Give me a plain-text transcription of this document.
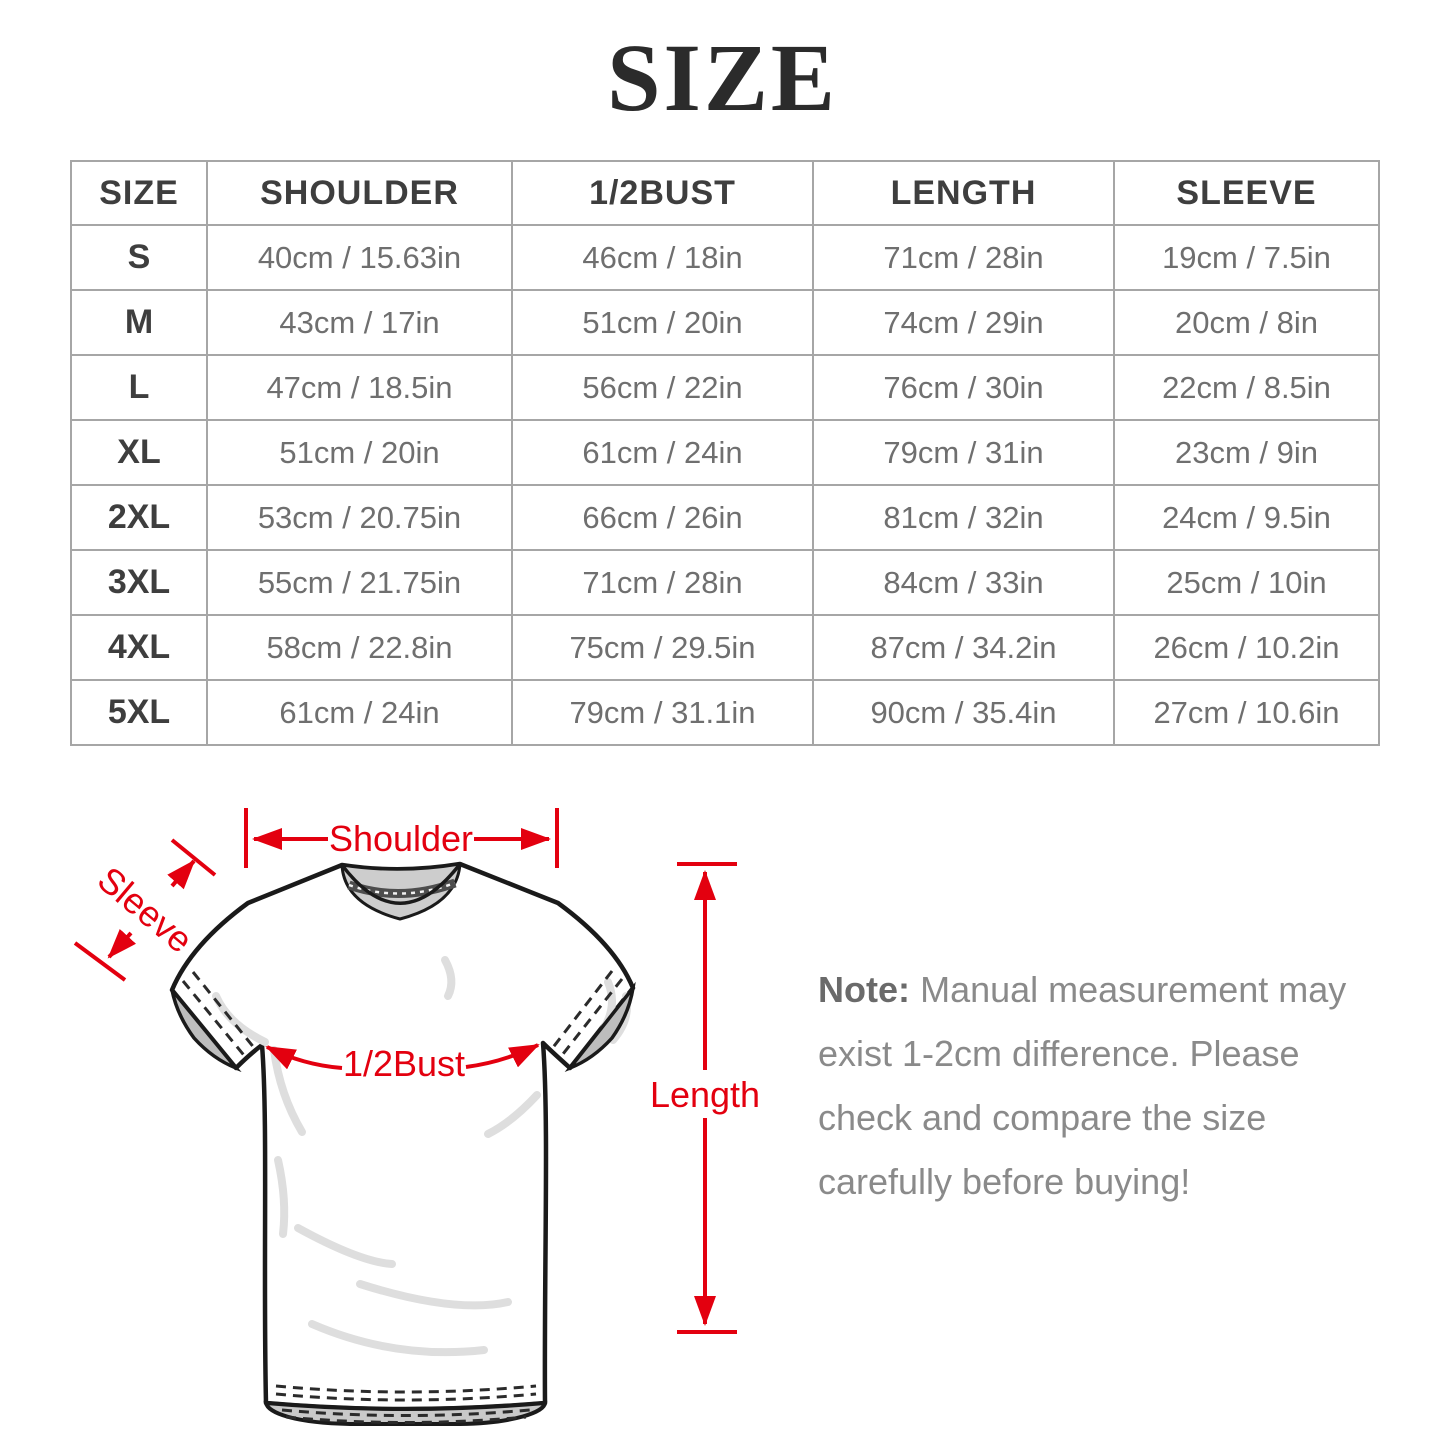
SIZE
SIZE	SHOULDER	1/2BUST	LENGTH	SLEEVE
S	40cm / 15.63in	46cm / 18in	71cm / 28in	19cm / 7.5in
M	43cm / 17in	51cm / 20in	74cm / 29in	20cm / 8in
L	47cm / 18.5in	56cm / 22in	76cm / 30in	22cm / 8.5in
XL	51cm / 20in	61cm / 24in	79cm / 31in	23cm / 9in
2XL	53cm / 20.75in	66cm / 26in	81cm / 32in	24cm / 9.5in
3XL	55cm / 21.75in	71cm / 28in	84cm / 33in	25cm / 10in
4XL	58cm / 22.8in	75cm / 29.5in	87cm / 34.2in	26cm / 10.2in
5XL	61cm / 24in	79cm / 31.1in	90cm / 35.4in	27cm / 10.6in
Shoulder
Sleeve
1/2Bust
Length
Note: Manual measurement may
exist 1-2cm difference. Please
check and compare the size
carefully before buying!
